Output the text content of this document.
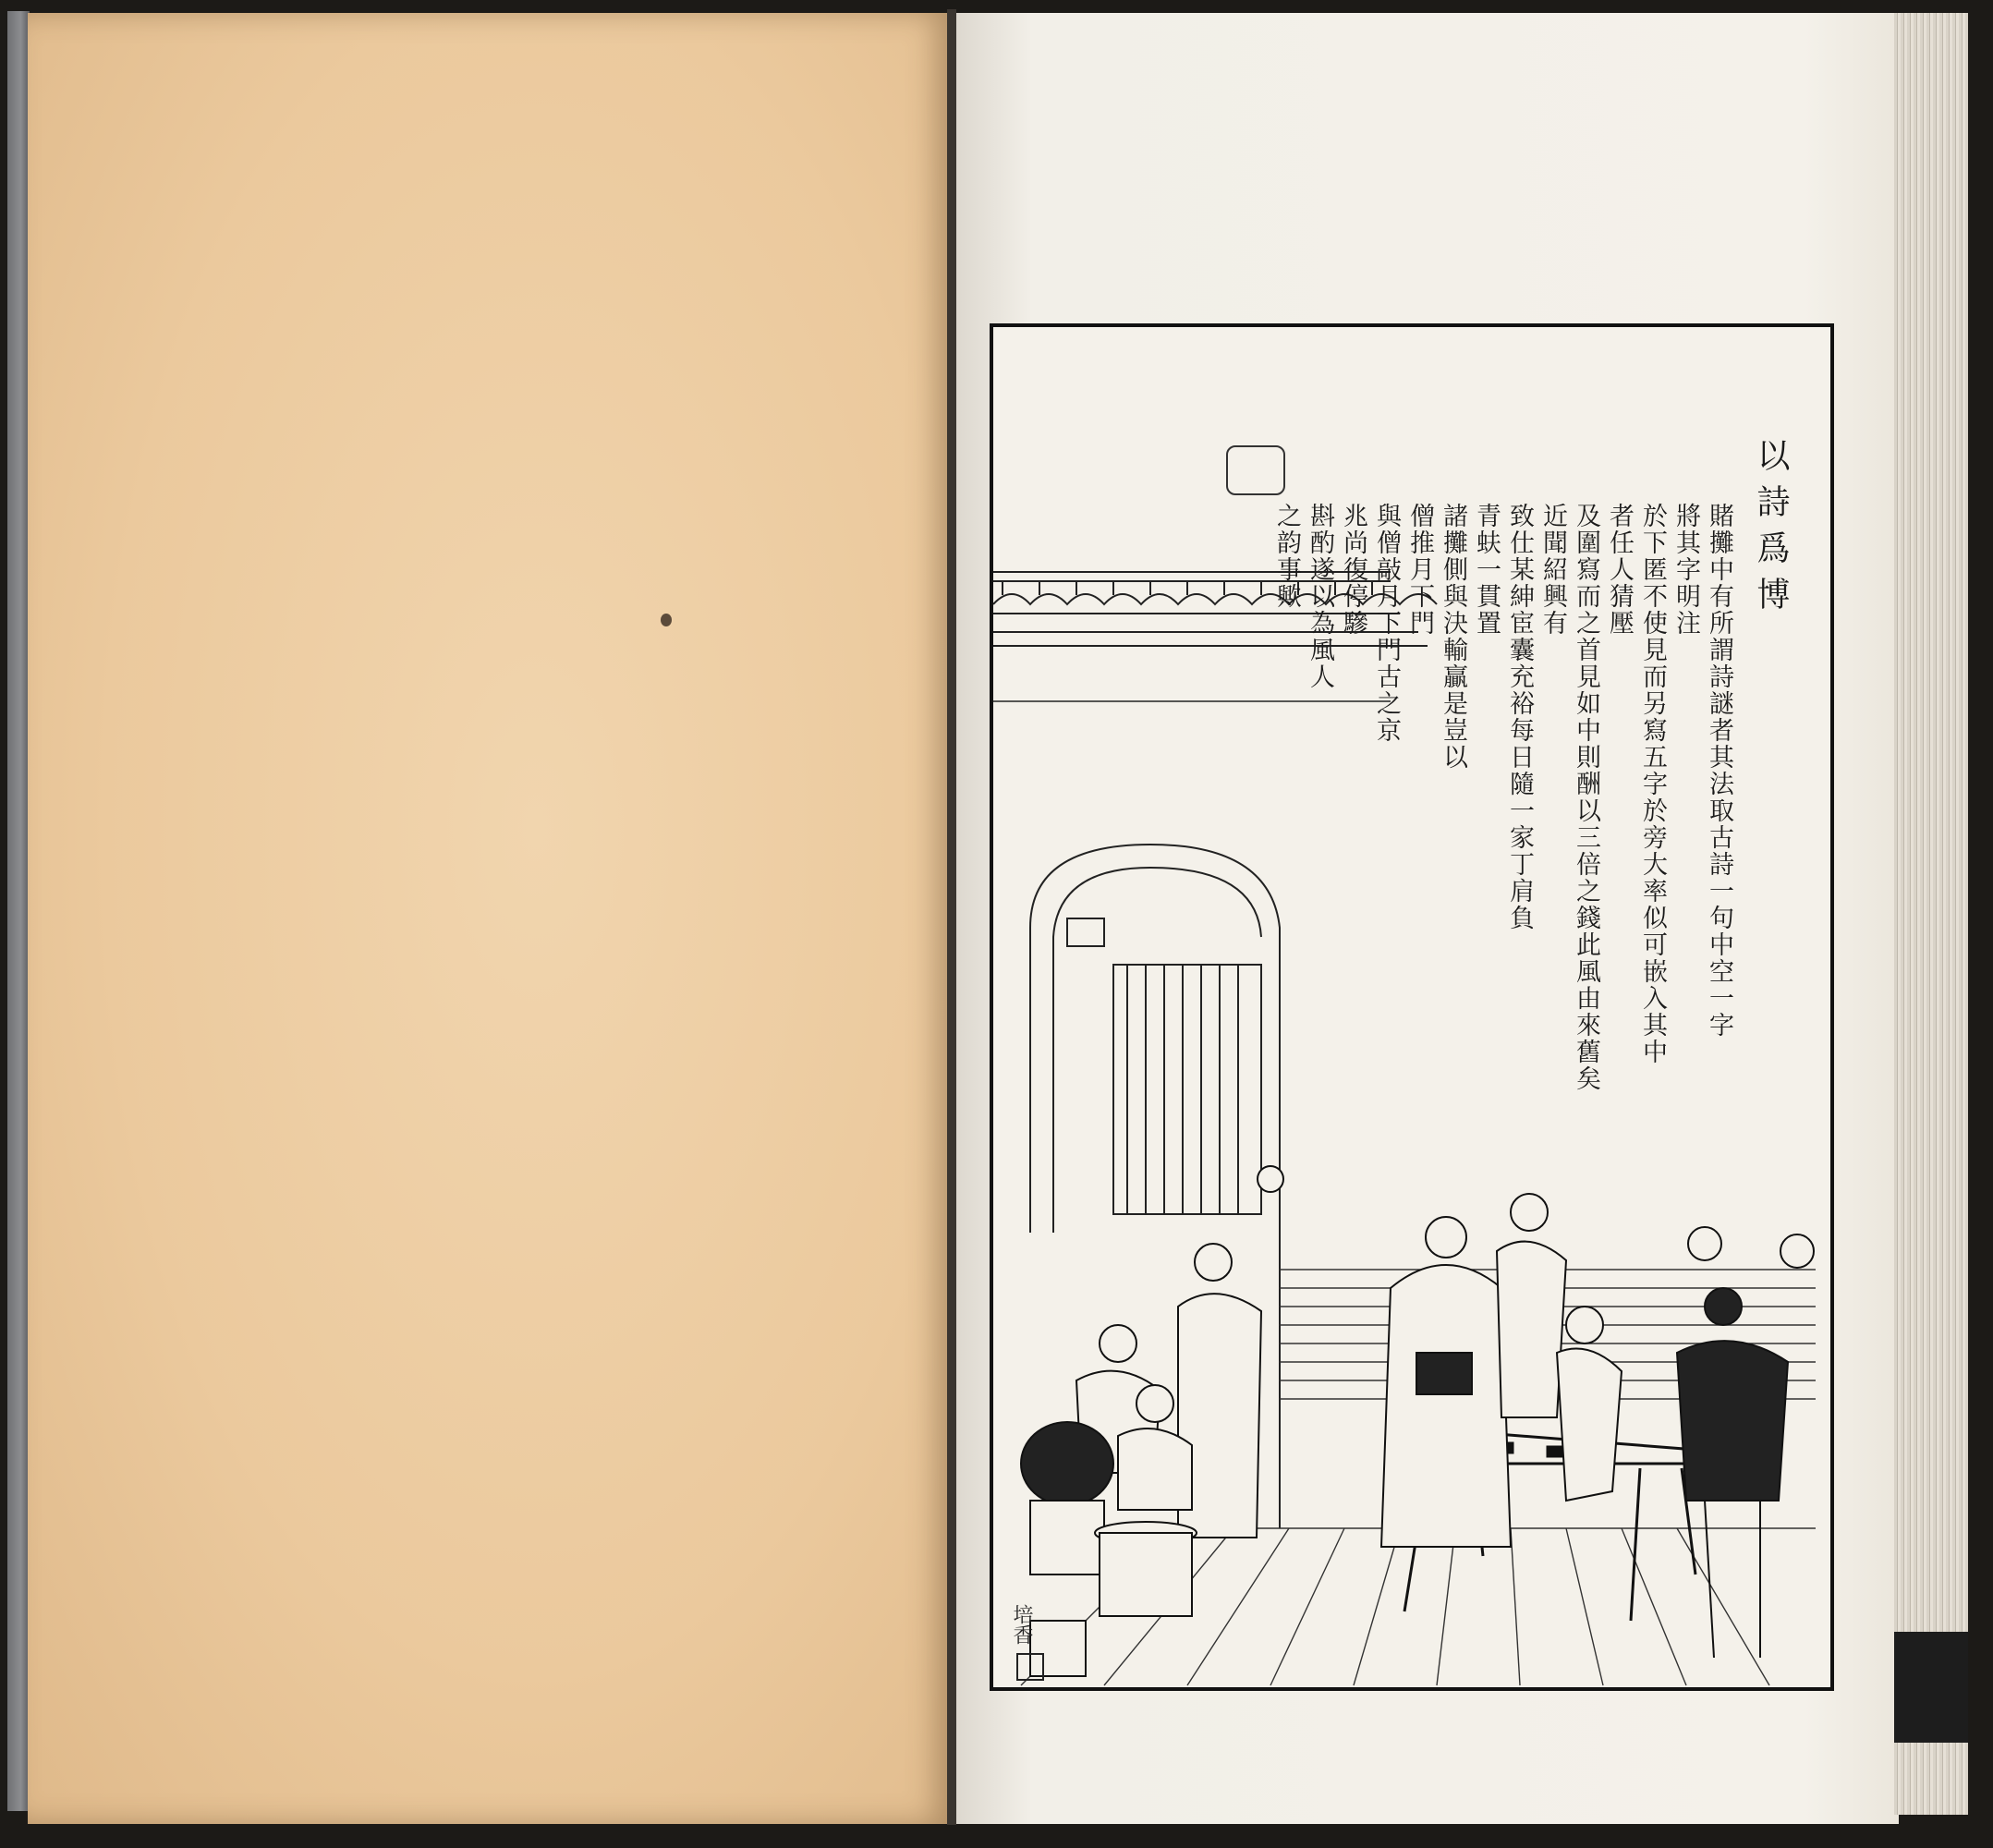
以詩爲博
賭攤中有所謂詩謎者其法取古詩一句中空一字
將其字明注
於下匿不使見而另寫五字於旁大率似可嵌入其中
者任人猜壓
及圍寫而之首見如中則酬以三倍之錢此風由來舊矣
近聞紹興有
致仕某紳宦囊充裕每日隨一家丁肩負
青蚨一貫置
諸攤側與決輸贏是豈以
僧推月下門
與僧敲月下門古之京
兆尚復停驂
斟酌遂以為風人
之韵事歟
培香
